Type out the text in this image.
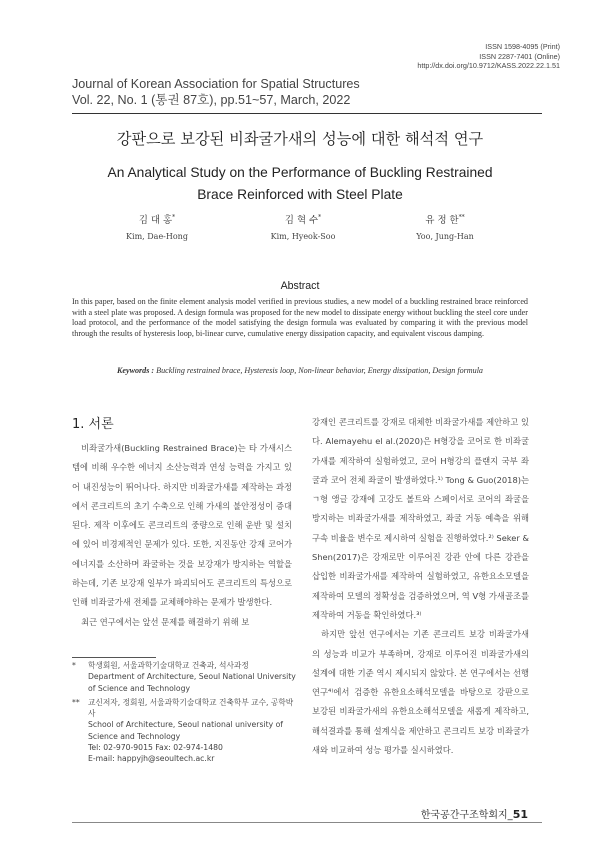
ISSN 1598-4095 (Print)
ISSN 2287-7401 (Online)
http://dx.doi.org/10.9712/KASS.2022.22.1.51
Journal of Korean Association for Spatial Structures
Vol. 22, No. 1 (통권 87호), pp.51~57, March, 2022
강판으로 보강된 비좌굴가새의 성능에 대한 해석적 연구
An Analytical Study on the Performance of Buckling Restrained Brace Reinforced with Steel Plate
김 대 홍*
Kim, Dae-Hong
김 혁 수*
Kim, Hyeok-Soo
유 정 한**
Yoo, Jung-Han
Abstract
In this paper, based on the finite element analysis model verified in previous studies, a new model of a buckling restrained brace reinforced with a steel plate was proposed. A design formula was proposed for the new model to dissipate energy without buckling the steel core under load protocol, and the performance of the model satisfying the design formula was evaluated by comparing it with the previous model through the results of hysteresis loop, bi-linear curve, cumulative energy dissipation capacity, and equivalent viscous damping.
Keywords : Buckling restrained brace, Hysteresis loop, Non-linear behavior, Energy dissipation, Design formula
1. 서론

비좌굴가새(Buckling Restrained Brace)는 타 가새시스템에 비해 우수한 에너지 소산능력과 연성 능력을 가지고 있어 내진성능이 뛰어나다. 하지만 비좌굴가새를 제작하는 과정에서 콘크리트의 초기 수축으로 인해 가새의 불안정성이 증대된다. 제작 이후에도 콘크리트의 중량으로 인해 운반 및 설치에 있어 비경제적인 문제가 있다. 또한, 지진동안 강재 코어가 에너지를 소산하며 좌굴하는 것을 보강재가 방지하는 역할을 하는데, 기존 보강재 일부가 파괴되어도 콘크리트의 특성으로 인해 비좌굴가새 전체를 교체해야하는 문제가 발생한다.

최근 연구에서는 앞선 문제를 해결하기 위해 보

강재인 콘크리트를 강재로 대체한 비좌굴가새를 제안하고 있다. Alemayehu el al.(2020)은 H형강을 코어로 한 비좌굴가새를 제작하여 실험하였고, 코어 H형강의 플랜지 국부 좌굴과 코어 전체 좌굴이 발생하였다.¹⁾ Tong & Guo(2018)는 ㄱ형 앵글 강재에 고강도 볼트와 스페이서로 코어의 좌굴을 방지하는 비좌굴가새를 제작하였고, 좌굴 거동 예측을 위해 구속 비율을 변수로 제시하여 실험을 진행하였다.²⁾ Seker & Shen(2017)은 강재로만 이루어진 강관 안에 다른 강관을 삽입한 비좌굴가새를 제작하여 실험하였고, 유한요소모델을 제작하여 모델의 정확성을 검증하였으며, 역 V형 가새골조를 제작하여 거동을 확인하였다.³⁾

하지만 앞선 연구에서는 기존 콘크리트 보강 비좌굴가새의 성능과 비교가 부족하며, 강재로 이루어진 비좌굴가새의 설계에 대한 기준 역시 제시되지 않았다. 본 연구에서는 선행연구⁴⁾에서 검증한 유한요소해석모델을 바탕으로 강판으로 보강된 비좌굴가새의 유한요소해석모델을 새롭게 제작하고, 해석결과를 통해 설계식을 제안하고 콘크리트 보강 비좌굴가새와 비교하여 성능 평가를 실시하였다.

* 학생회원, 서울과학기술대학교 건축과, 석사과정
Department of Architecture, Seoul National University of Science and Technology
** 교신저자, 정회원, 서울과학기술대학교 건축학부 교수, 공학박사
School of Architecture, Seoul national university of Science and Technology
Tel: 02-970-9015 Fax: 02-974-1480
E-mail: happyjh@seoultech.ac.kr
한국공간구조학회지_51
